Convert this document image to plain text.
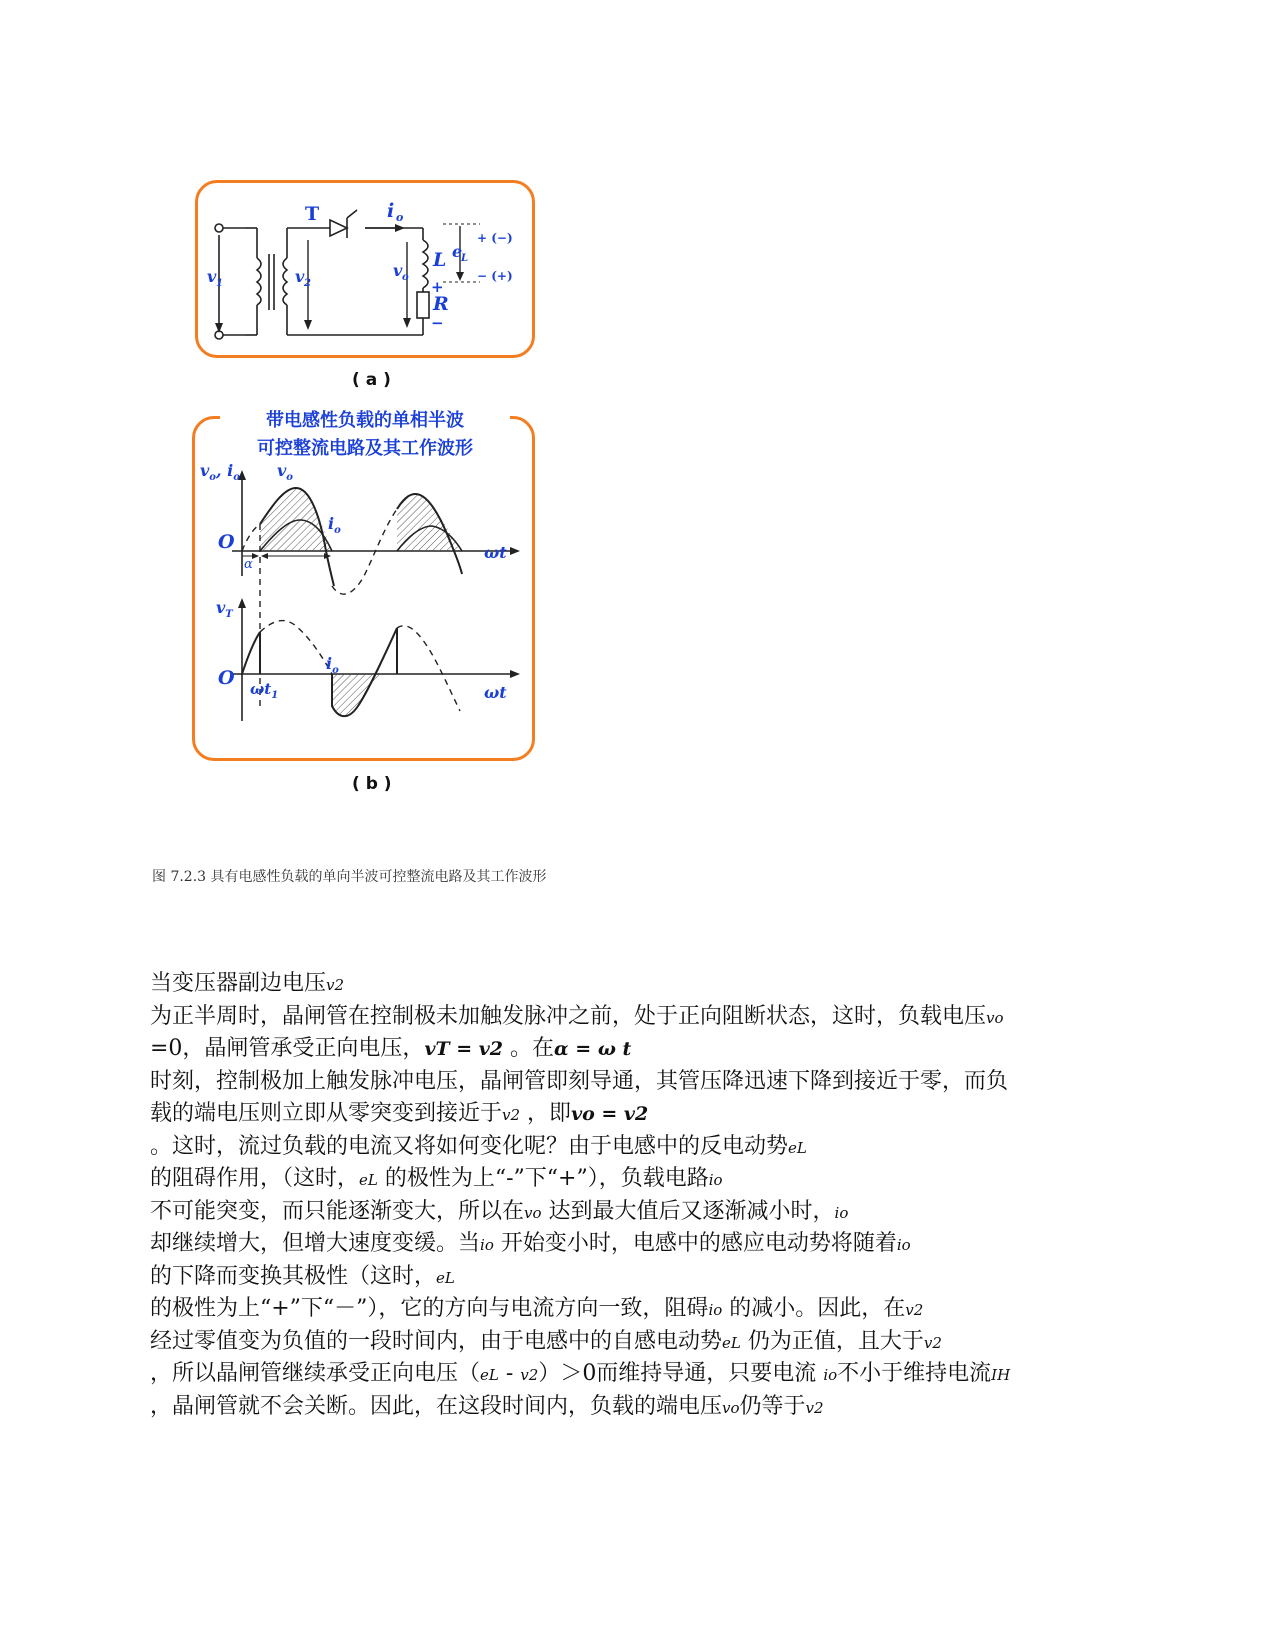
T	i o
v 1	v 2
v o
L
R
e
L
+
−
+ (−)
− (+)
( a )
带电感性负载的单相半波
可控整流电路及其工作波形
$v_o$, $i_o$ $v_o$
$i_o$
O	ωt
α
$v_T$
O
$i_o$
$\omega t_1$	ωt
( b )
图 7.2.3 具有电感性负载的单向半波可控整流电路及其工作波形
当变压器副边电压v2
为正半周时，晶闸管在控制极未加触发脉冲之前，处于正向阻断状态，这时，负载电压vo
=0，晶闸管承受正向电压，vT = v2 。在α = ω t
时刻，控制极加上触发脉冲电压，晶闸管即刻导通，其管压降迅速下降到接近于零，而负
载的端电压则立即从零突变到接近于v2 ，即vo = v2
。这时，流过负载的电流又将如何变化呢？由于电感中的反电动势eL
的阻碍作用，（这时，eL 的极性为上“-”下“+”），负载电路io
不可能突变，而只能逐渐变大，所以在vo 达到最大值后又逐渐减小时，io
却继续增大，但增大速度变缓。当io 开始变小时，电感中的感应电动势将随着io
的下降而变换其极性（这时，eL
的极性为上“+”下“－”），它的方向与电流方向一致，阻碍io 的减小。因此，在v2
经过零值变为负值的一段时间内，由于电感中的自感电动势eL 仍为正值，且大于v2
，所以晶闸管继续承受正向电压（eL - v2）＞0而维持导通，只要电流 io不小于维持电流IH
，晶闸管就不会关断。因此，在这段时间内，负载的端电压vo仍等于v2
